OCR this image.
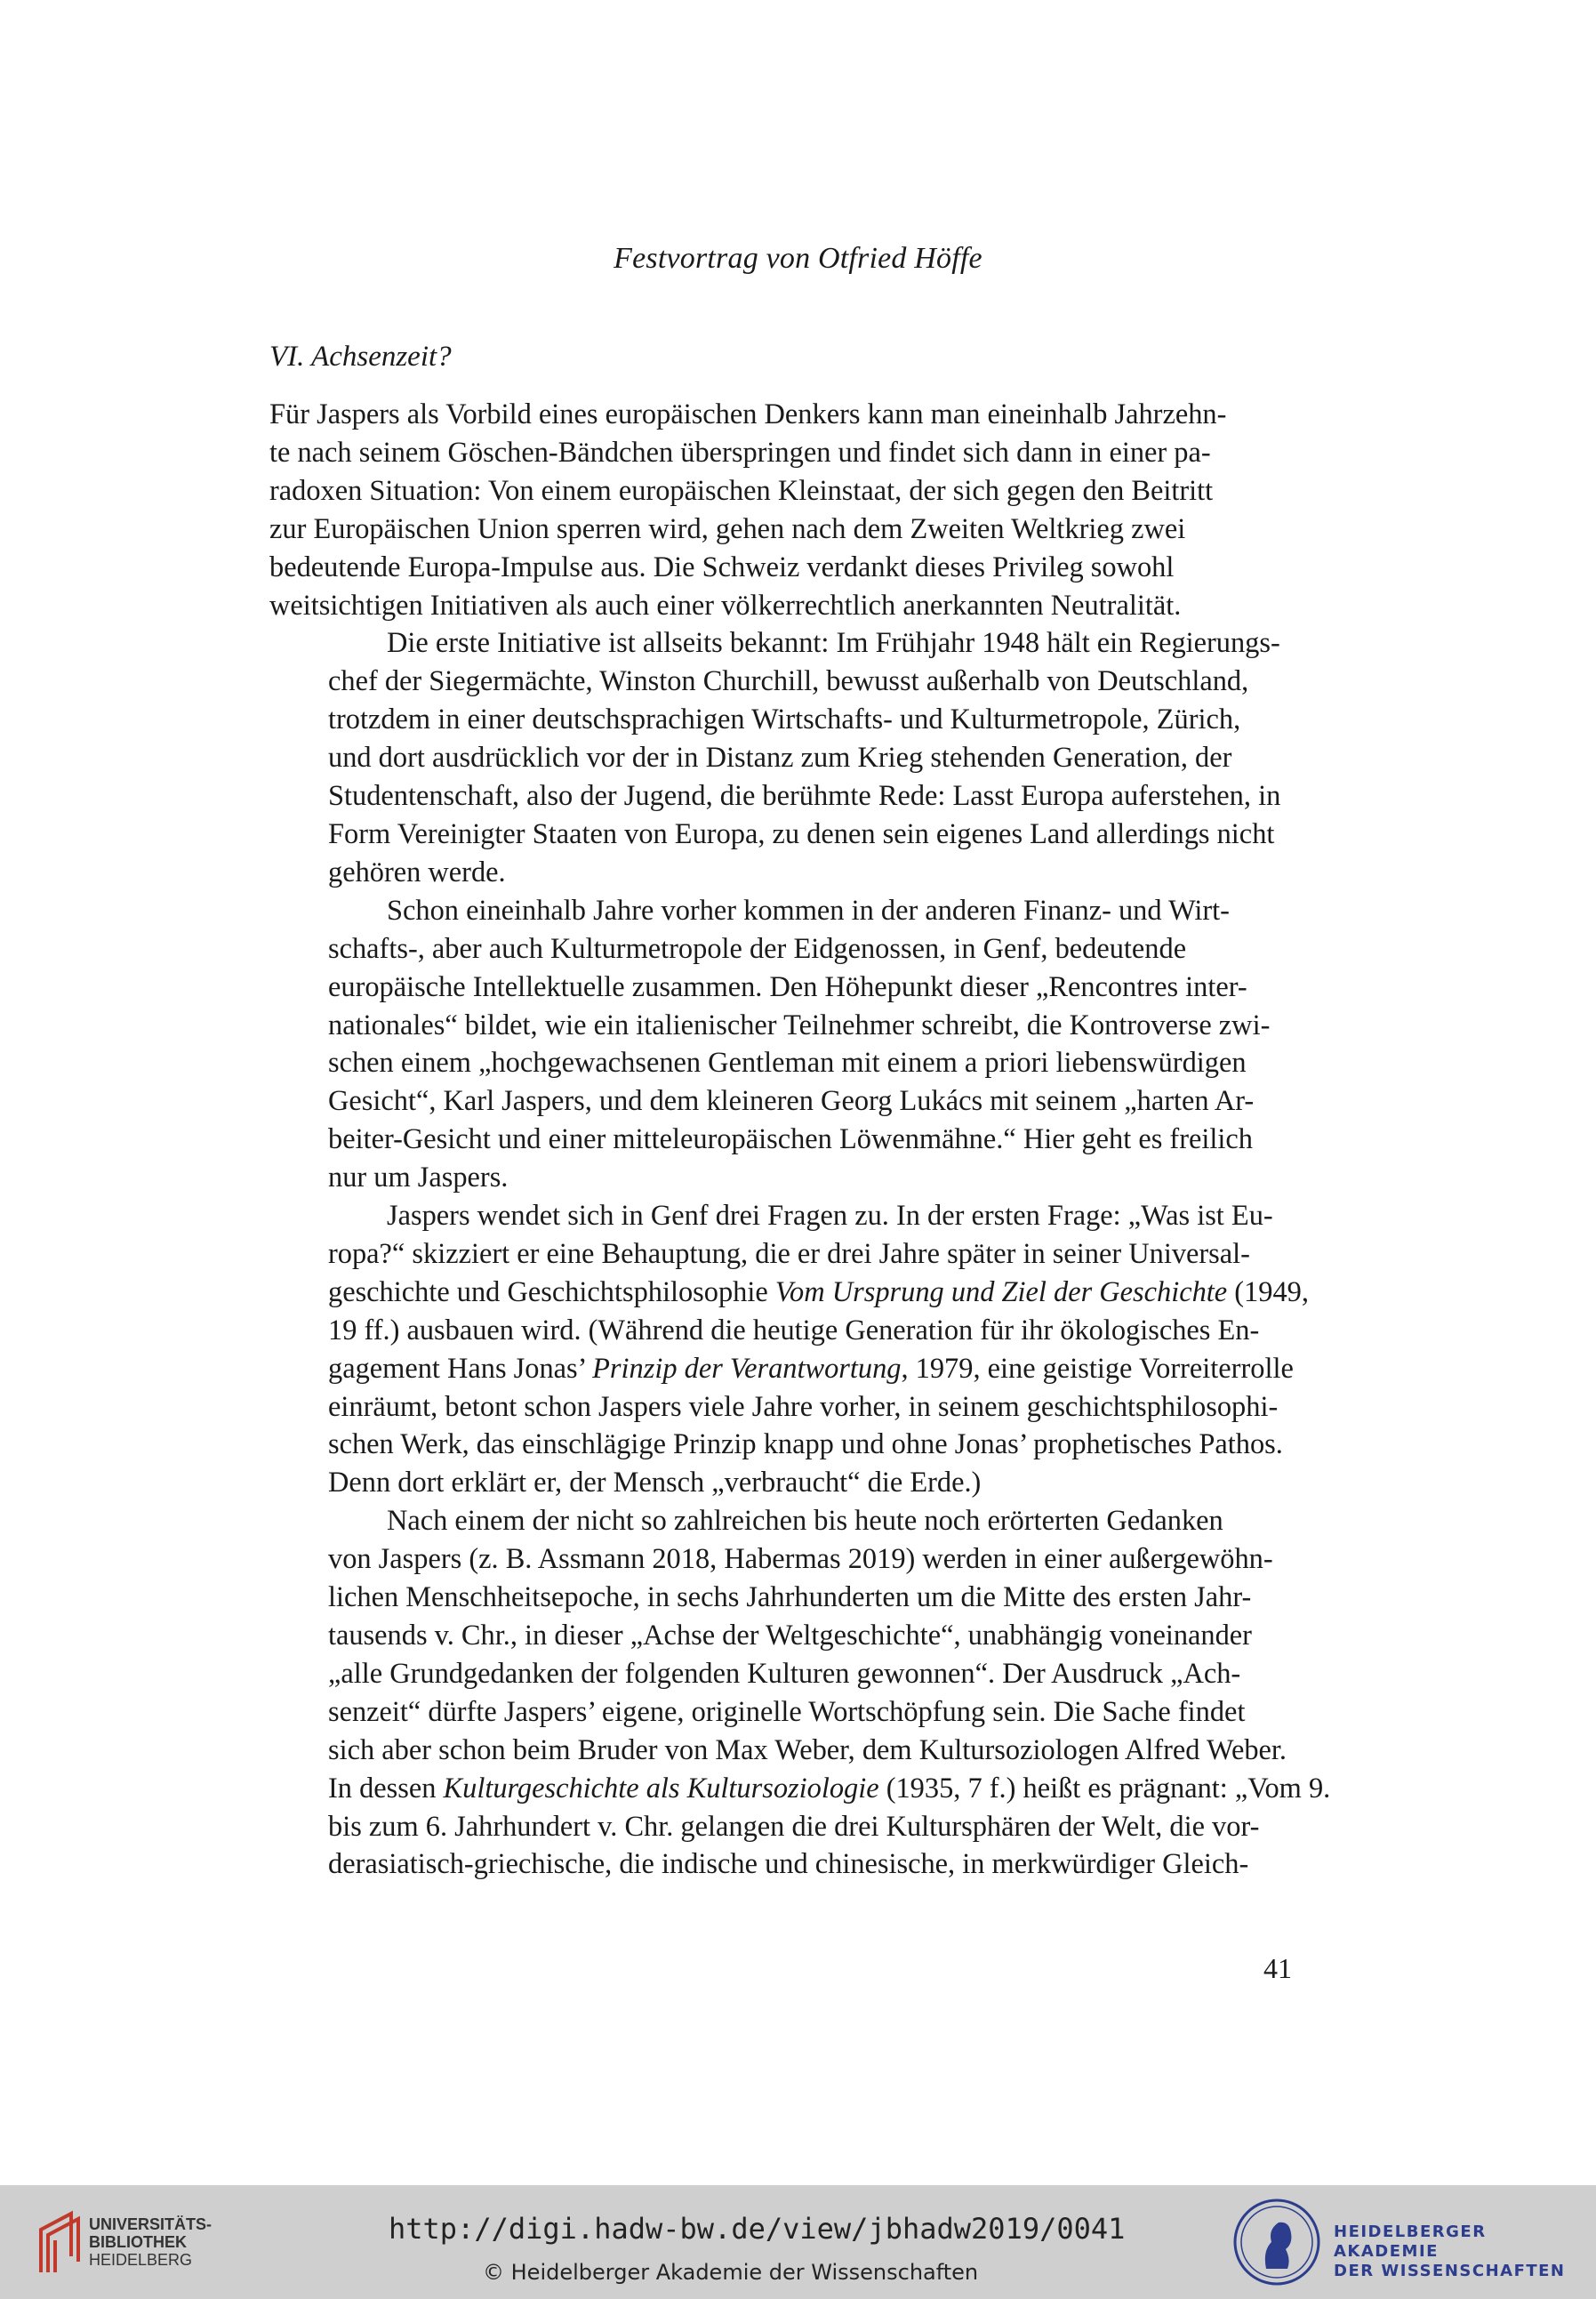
Festvortrag von Otfried Höffe
VI. Achsenzeit?

Für Jaspers als Vorbild eines europäischen Denkers kann man eineinhalb Jahrzehn-
te nach seinem Göschen-Bändchen überspringen und findet sich dann in einer pa-
radoxen Situation: Von einem europäischen Kleinstaat, der sich gegen den Beitritt
zur Europäischen Union sperren wird, gehen nach dem Zweiten Weltkrieg zwei
bedeutende Europa-Impulse aus. Die Schweiz verdankt dieses Privileg sowohl
weitsichtigen Initiativen als auch einer völkerrechtlich anerkannten Neutralität.

Die erste Initiative ist allseits bekannt: Im Frühjahr 1948 hält ein Regierungs-
chef der Siegermächte, Winston Churchill, bewusst außerhalb von Deutschland,
trotzdem in einer deutschsprachigen Wirtschafts- und Kulturmetropole, Zürich,
und dort ausdrücklich vor der in Distanz zum Krieg stehenden Generation, der
Studentenschaft, also der Jugend, die berühmte Rede: Lasst Europa auferstehen, in
Form Vereinigter Staaten von Europa, zu denen sein eigenes Land allerdings nicht
gehören werde.

Schon eineinhalb Jahre vorher kommen in der anderen Finanz- und Wirt-
schafts-, aber auch Kulturmetropole der Eidgenossen, in Genf, bedeutende
europäische Intellektuelle zusammen. Den Höhepunkt dieser „Rencontres inter-
nationales“ bildet, wie ein italienischer Teilnehmer schreibt, die Kontroverse zwi-
schen einem „hochgewachsenen Gentleman mit einem a priori liebenswürdigen
Gesicht“, Karl Jaspers, und dem kleineren Georg Lukács mit seinem „harten Ar-
beiter-Gesicht und einer mitteleuropäischen Löwenmähne.“ Hier geht es freilich
nur um Jaspers.

Jaspers wendet sich in Genf drei Fragen zu. In der ersten Frage: „Was ist Eu-
ropa?“ skizziert er eine Behauptung, die er drei Jahre später in seiner Universal-
geschichte und Geschichtsphilosophie Vom Ursprung und Ziel der Geschichte (1949,
19 ff.) ausbauen wird. (Während die heutige Generation für ihr ökologisches En-
gagement Hans Jonas’ Prinzip der Verantwortung, 1979, eine geistige Vorreiterrolle
einräumt, betont schon Jaspers viele Jahre vorher, in seinem geschichtsphilosophi-
schen Werk, das einschlägige Prinzip knapp und ohne Jonas’ prophetisches Pathos.
Denn dort erklärt er, der Mensch „verbraucht“ die Erde.)

Nach einem der nicht so zahlreichen bis heute noch erörterten Gedanken
von Jaspers (z. B. Assmann 2018, Habermas 2019) werden in einer außergewöhn-
lichen Menschheitsepoche, in sechs Jahrhunderten um die Mitte des ersten Jahr-
tausends v. Chr., in dieser „Achse der Weltgeschichte“, unabhängig voneinander
„alle Grundgedanken der folgenden Kulturen gewonnen“. Der Ausdruck „Ach-
senzeit“ dürfte Jaspers’ eigene, originelle Wortschöpfung sein. Die Sache findet
sich aber schon beim Bruder von Max Weber, dem Kultursoziologen Alfred Weber.
In dessen Kulturgeschichte als Kultursoziologie (1935, 7 f.) heißt es prägnant: „Vom 9.
bis zum 6. Jahrhundert v. Chr. gelangen die drei Kultursphären der Welt, die vor-
derasiatisch-griechische, die indische und chinesische, in merkwürdiger Gleich-

41
UNIVERSITÄTS-
BIBLIOTHEK
HEIDELBERG
http://digi.hadw-bw.de/view/jbhadw2019/0041
© Heidelberger Akademie der Wissenschaften
HEIDELBERGER AKADEMIE
DER WISSENSCHAFTEN
